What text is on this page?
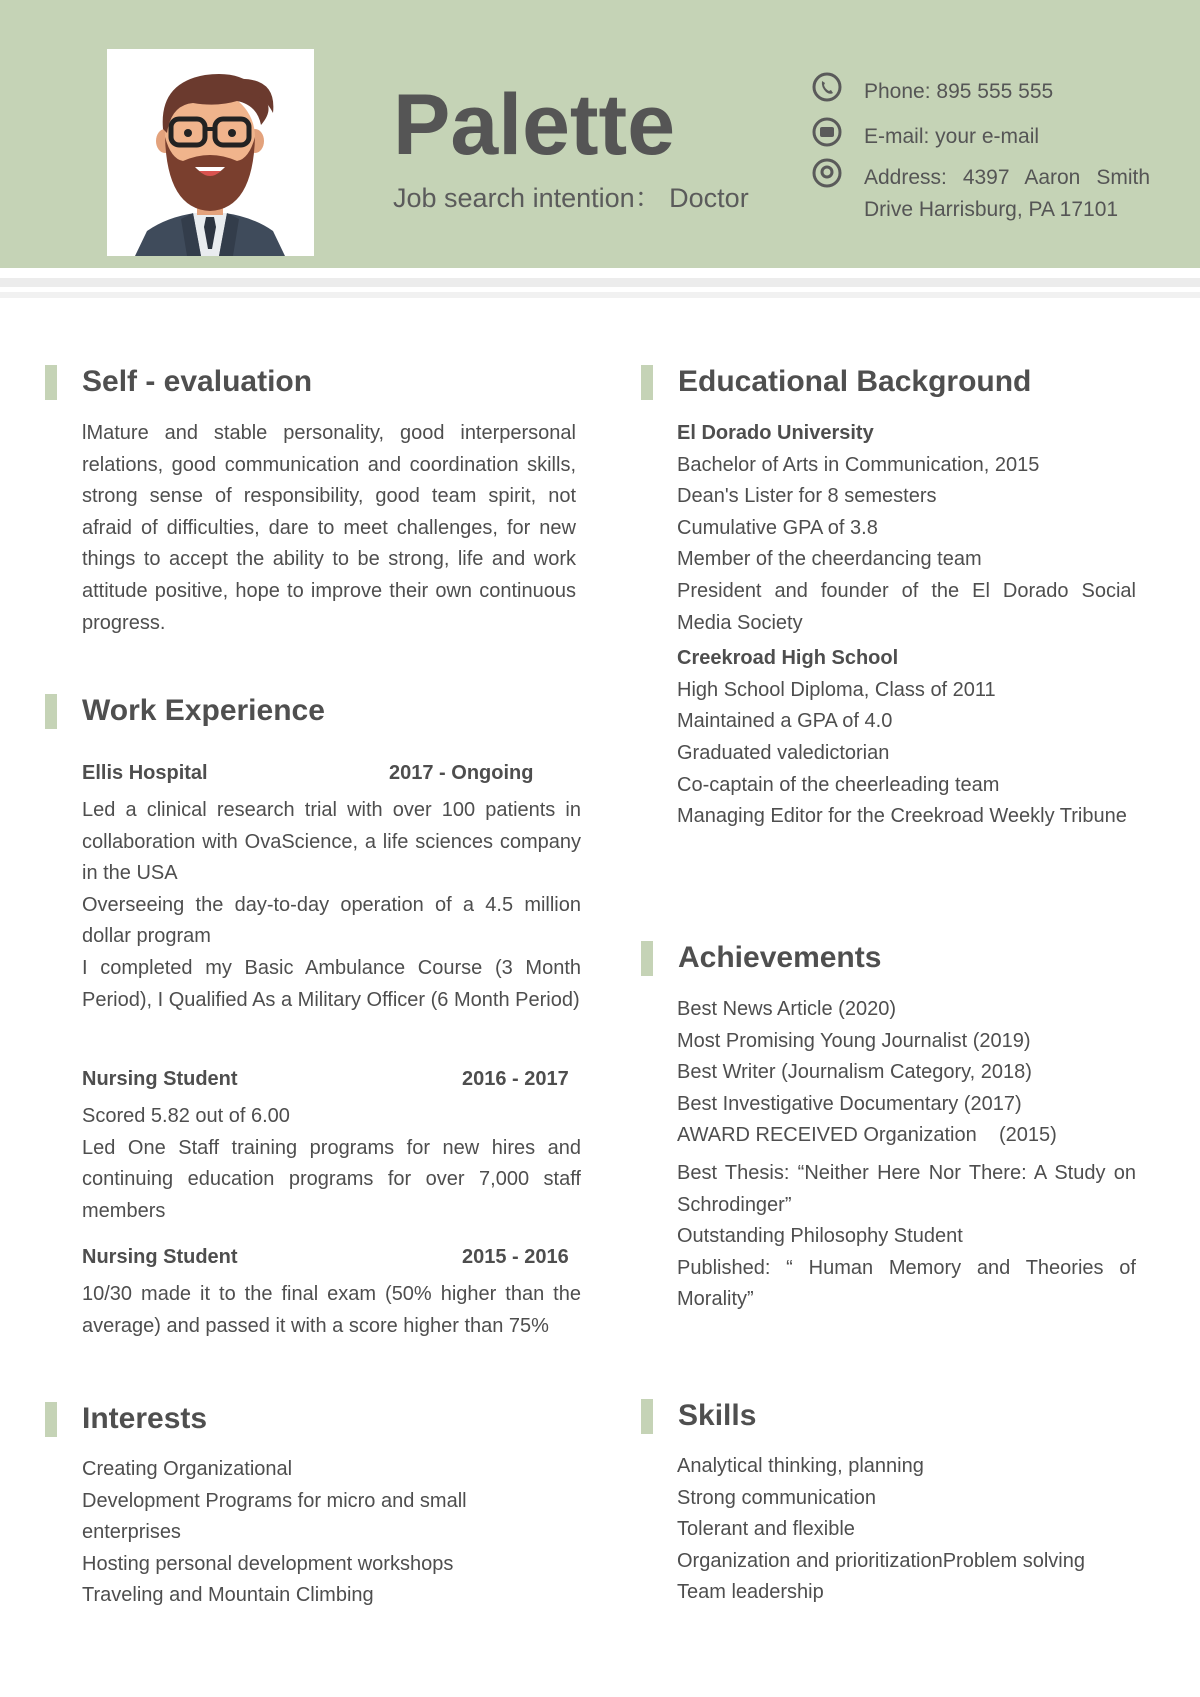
Palette
Job search intention： Doctor
Phone: 895 555 555
E-mail: your e-mail
Address: 4397 Aaron Smith Drive Harrisburg, PA 17101
Self - evaluation
lMature and stable personality, good interpersonal relations, good communication and coordination skills, strong sense of responsibility, good team spirit, not afraid of difficulties, dare to meet challenges, for new things to accept the ability to be strong, life and work attitude positive, hope to improve their own continuous progress.
Work Experience
Ellis Hospital	2017 - Ongoing
Led a clinical research trial with over 100 patients in collaboration with OvaScience, a life sciences company in the USA
Overseeing the day-to-day operation of a 4.5 million dollar program
I completed my Basic Ambulance Course (3 Month Period), I Qualified As a Military Officer (6 Month Period)
Nursing Student	2016 - 2017
Scored 5.82 out of 6.00
Led One Staff training programs for new hires and continuing education programs for over 7,000 staff members
Nursing Student	2015 - 2016
10/30 made it to the final exam (50% higher than the average) and passed it with a score higher than 75%
Interests
Creating Organizational
Development Programs for micro and small enterprises
Hosting personal development workshops
Traveling and Mountain Climbing
Educational Background
El Dorado University
Bachelor of Arts in Communication, 2015
Dean's Lister for 8 semesters
Cumulative GPA of 3.8
Member of the cheerdancing team
President and founder of the El Dorado Social Media Society
Creekroad High School
High School Diploma, Class of 2011
Maintained a GPA of 4.0
Graduated valedictorian
Co-captain of the cheerleading team
Managing Editor for the Creekroad Weekly Tribune
Achievements
Best News Article (2020)
Most Promising Young Journalist (2019)
Best Writer (Journalism Category, 2018)
Best Investigative Documentary (2017)
AWARD RECEIVED Organization    (2015)
Best Thesis: “Neither Here Nor There: A Study on Schrodinger”
Outstanding Philosophy Student
Published: “ Human Memory and Theories of Morality”
Skills
Analytical thinking, planning
Strong communication
Tolerant and flexible
Organization and prioritizationProblem solving
Team leadership
